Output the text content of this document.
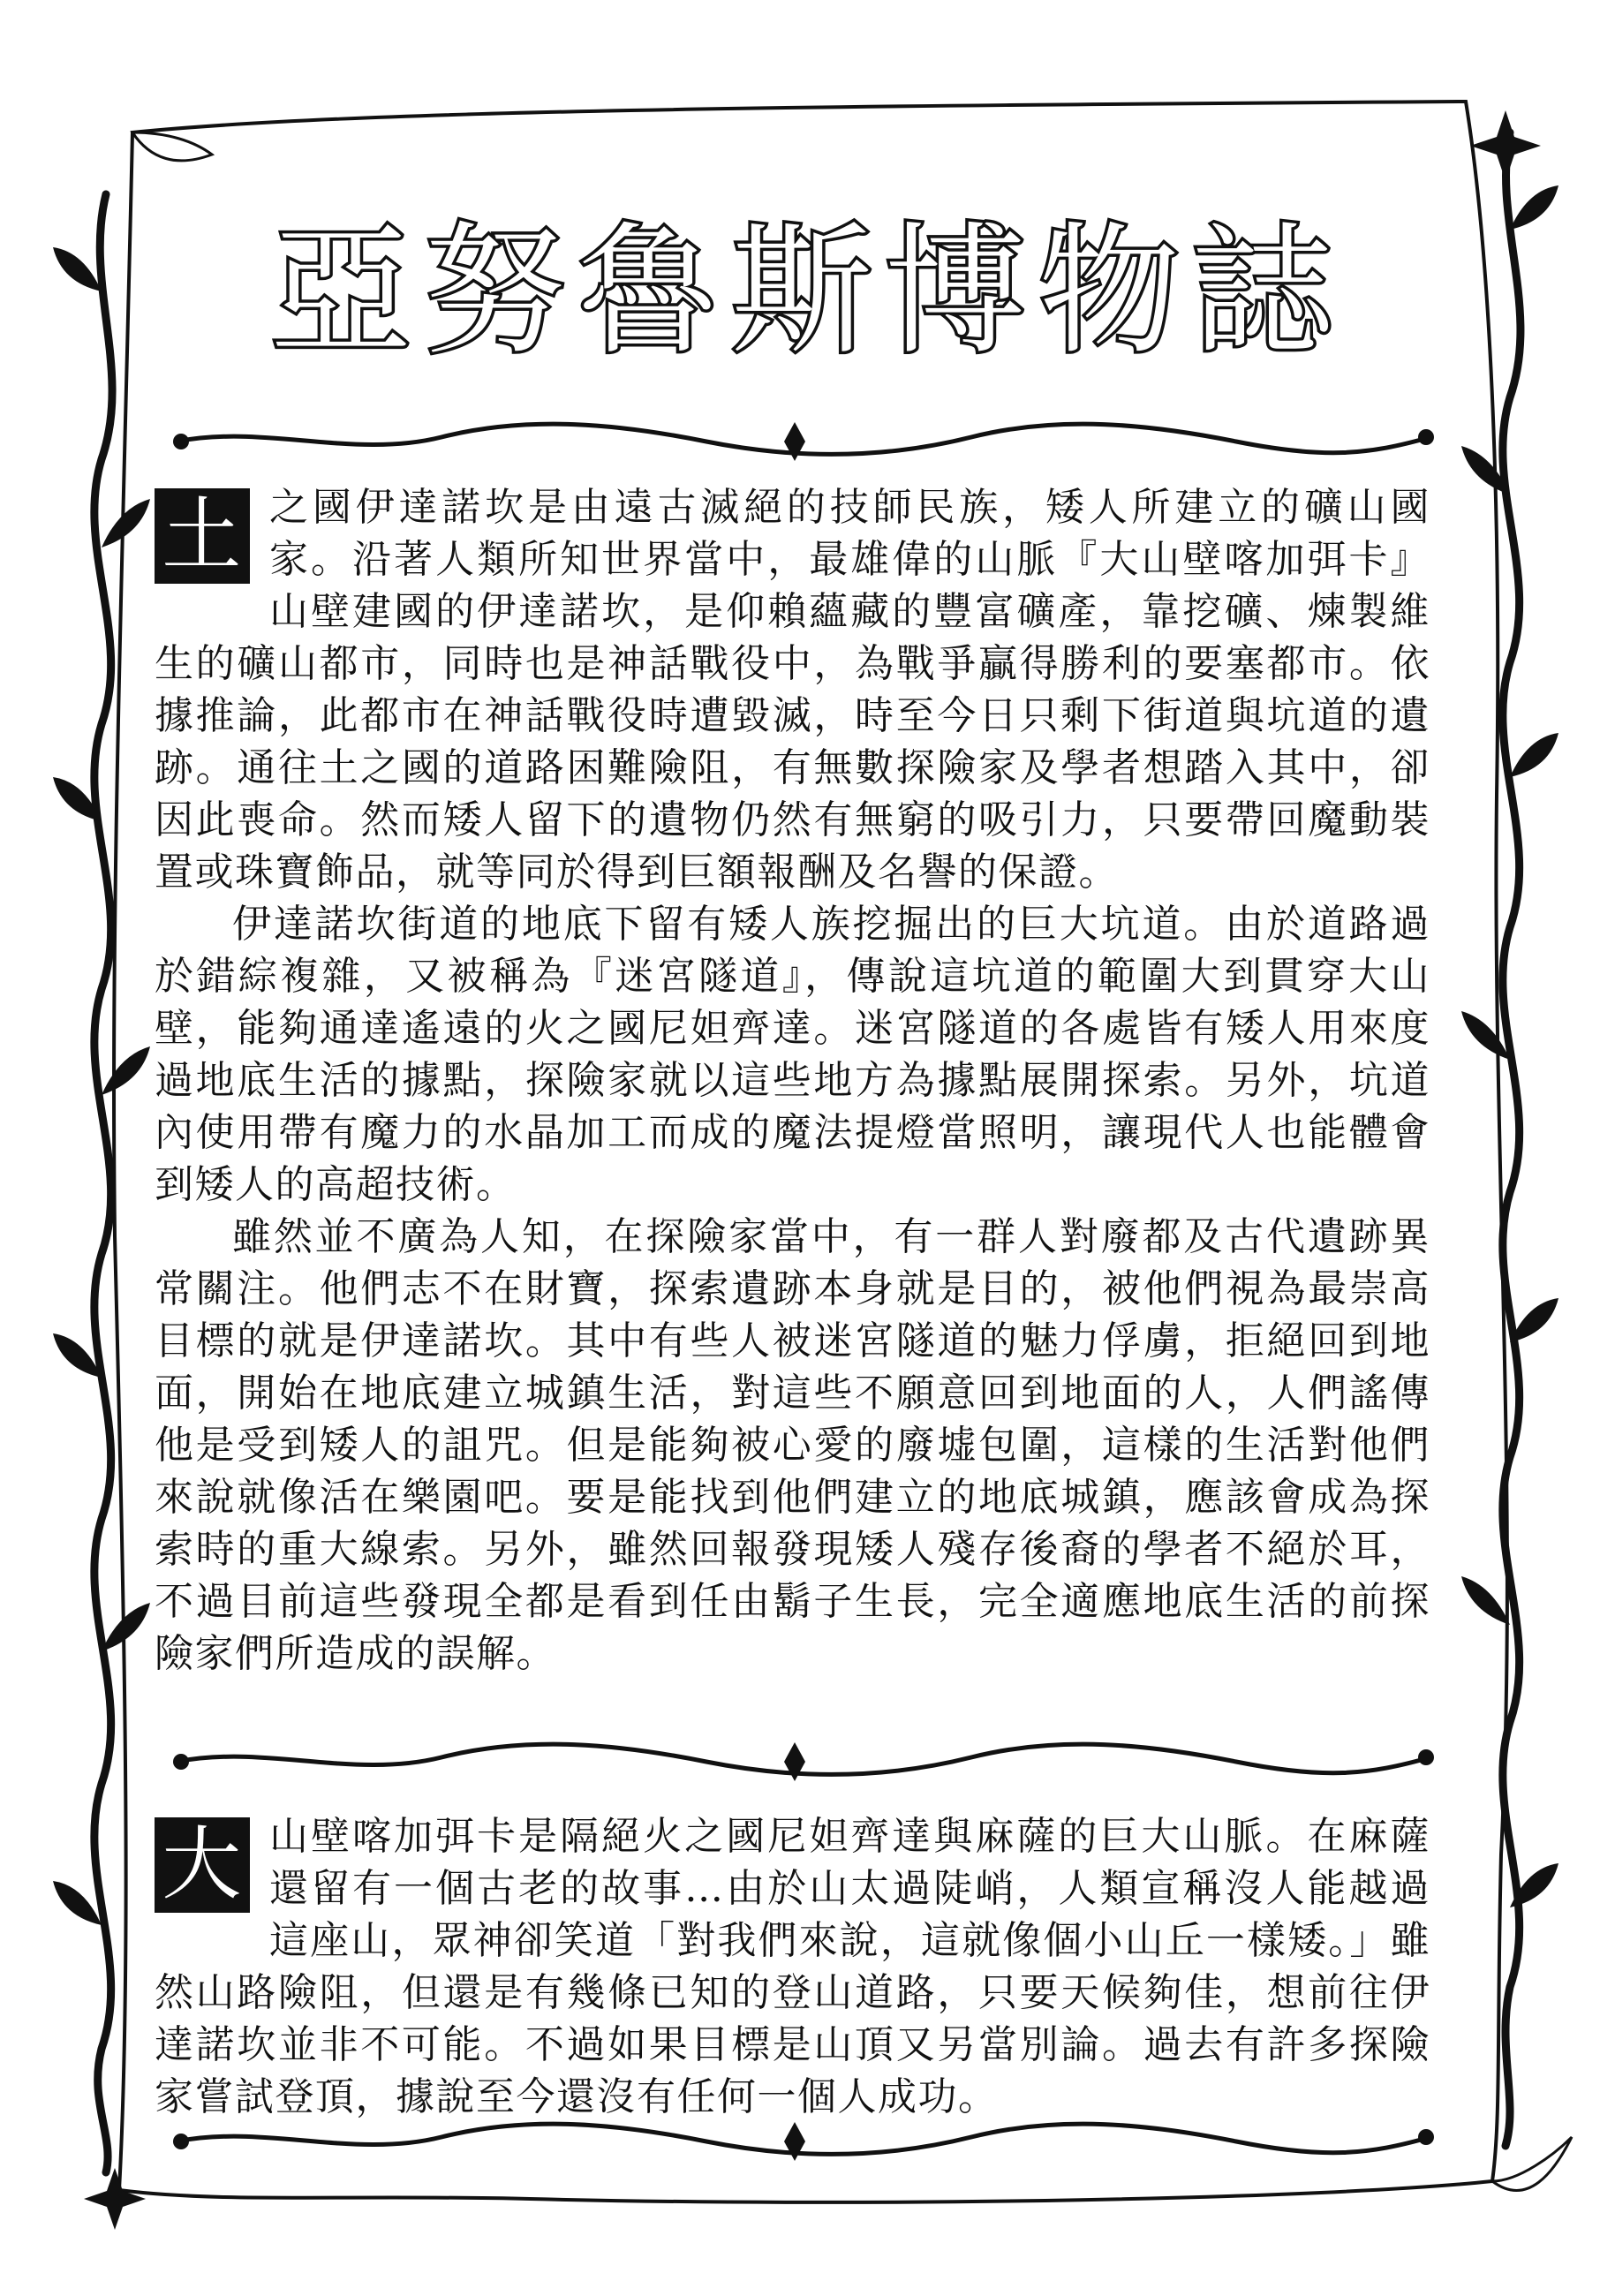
亞努魯斯博物誌

土 之國伊達諾坎是由遠古滅絕的技師民族，矮人所建立的礦山國家。沿著人類所知世界當中，最雄偉的山脈『大山壁喀加弭卡』山壁建國的伊達諾坎，是仰賴蘊藏的豐富礦產，靠挖礦、煉製維生的礦山都市，同時也是神話戰役中，為戰爭贏得勝利的要塞都市。依據推論，此都市在神話戰役時遭毀滅，時至今日只剩下街道與坑道的遺跡。通往土之國的道路困難險阻，有無數探險家及學者想踏入其中，卻因此喪命。然而矮人留下的遺物仍然有無窮的吸引力，只要帶回魔動裝置或珠寶飾品，就等同於得到巨額報酬及名譽的保證。

伊達諾坎街道的地底下留有矮人族挖掘出的巨大坑道。由於道路過於錯綜複雜，又被稱為『迷宮隧道』，傳說這坑道的範圍大到貫穿大山壁，能夠通達遙遠的火之國尼妲齊達。迷宮隧道的各處皆有矮人用來度過地底生活的據點，探險家就以這些地方為據點展開探索。另外，坑道內使用帶有魔力的水晶加工而成的魔法提燈當照明，讓現代人也能體會到矮人的高超技術。

雖然並不廣為人知，在探險家當中，有一群人對廢都及古代遺跡異常關注。他們志不在財寶，探索遺跡本身就是目的，被他們視為最崇高目標的就是伊達諾坎。其中有些人被迷宮隧道的魅力俘虜，拒絕回到地面，開始在地底建立城鎮生活，對這些不願意回到地面的人，人們謠傳他是受到矮人的詛咒。但是能夠被心愛的廢墟包圍，這樣的生活對他們來說就像活在樂園吧。要是能找到他們建立的地底城鎮，應該會成為探索時的重大線索。另外，雖然回報發現矮人殘存後裔的學者不絕於耳，不過目前這些發現全都是看到任由鬍子生長，完全適應地底生活的前探險家們所造成的誤解。

大 山壁喀加弭卡是隔絕火之國尼妲齊達與麻薩的巨大山脈。在麻薩還留有一個古老的故事…由於山太過陡峭，人類宣稱沒人能越過這座山，眾神卻笑道「對我們來說，這就像個小山丘一樣矮。」雖然山路險阻，但還是有幾條已知的登山道路，只要天候夠佳，想前往伊達諾坎並非不可能。不過如果目標是山頂又另當別論。過去有許多探險家嘗試登頂，據說至今還沒有任何一個人成功。
